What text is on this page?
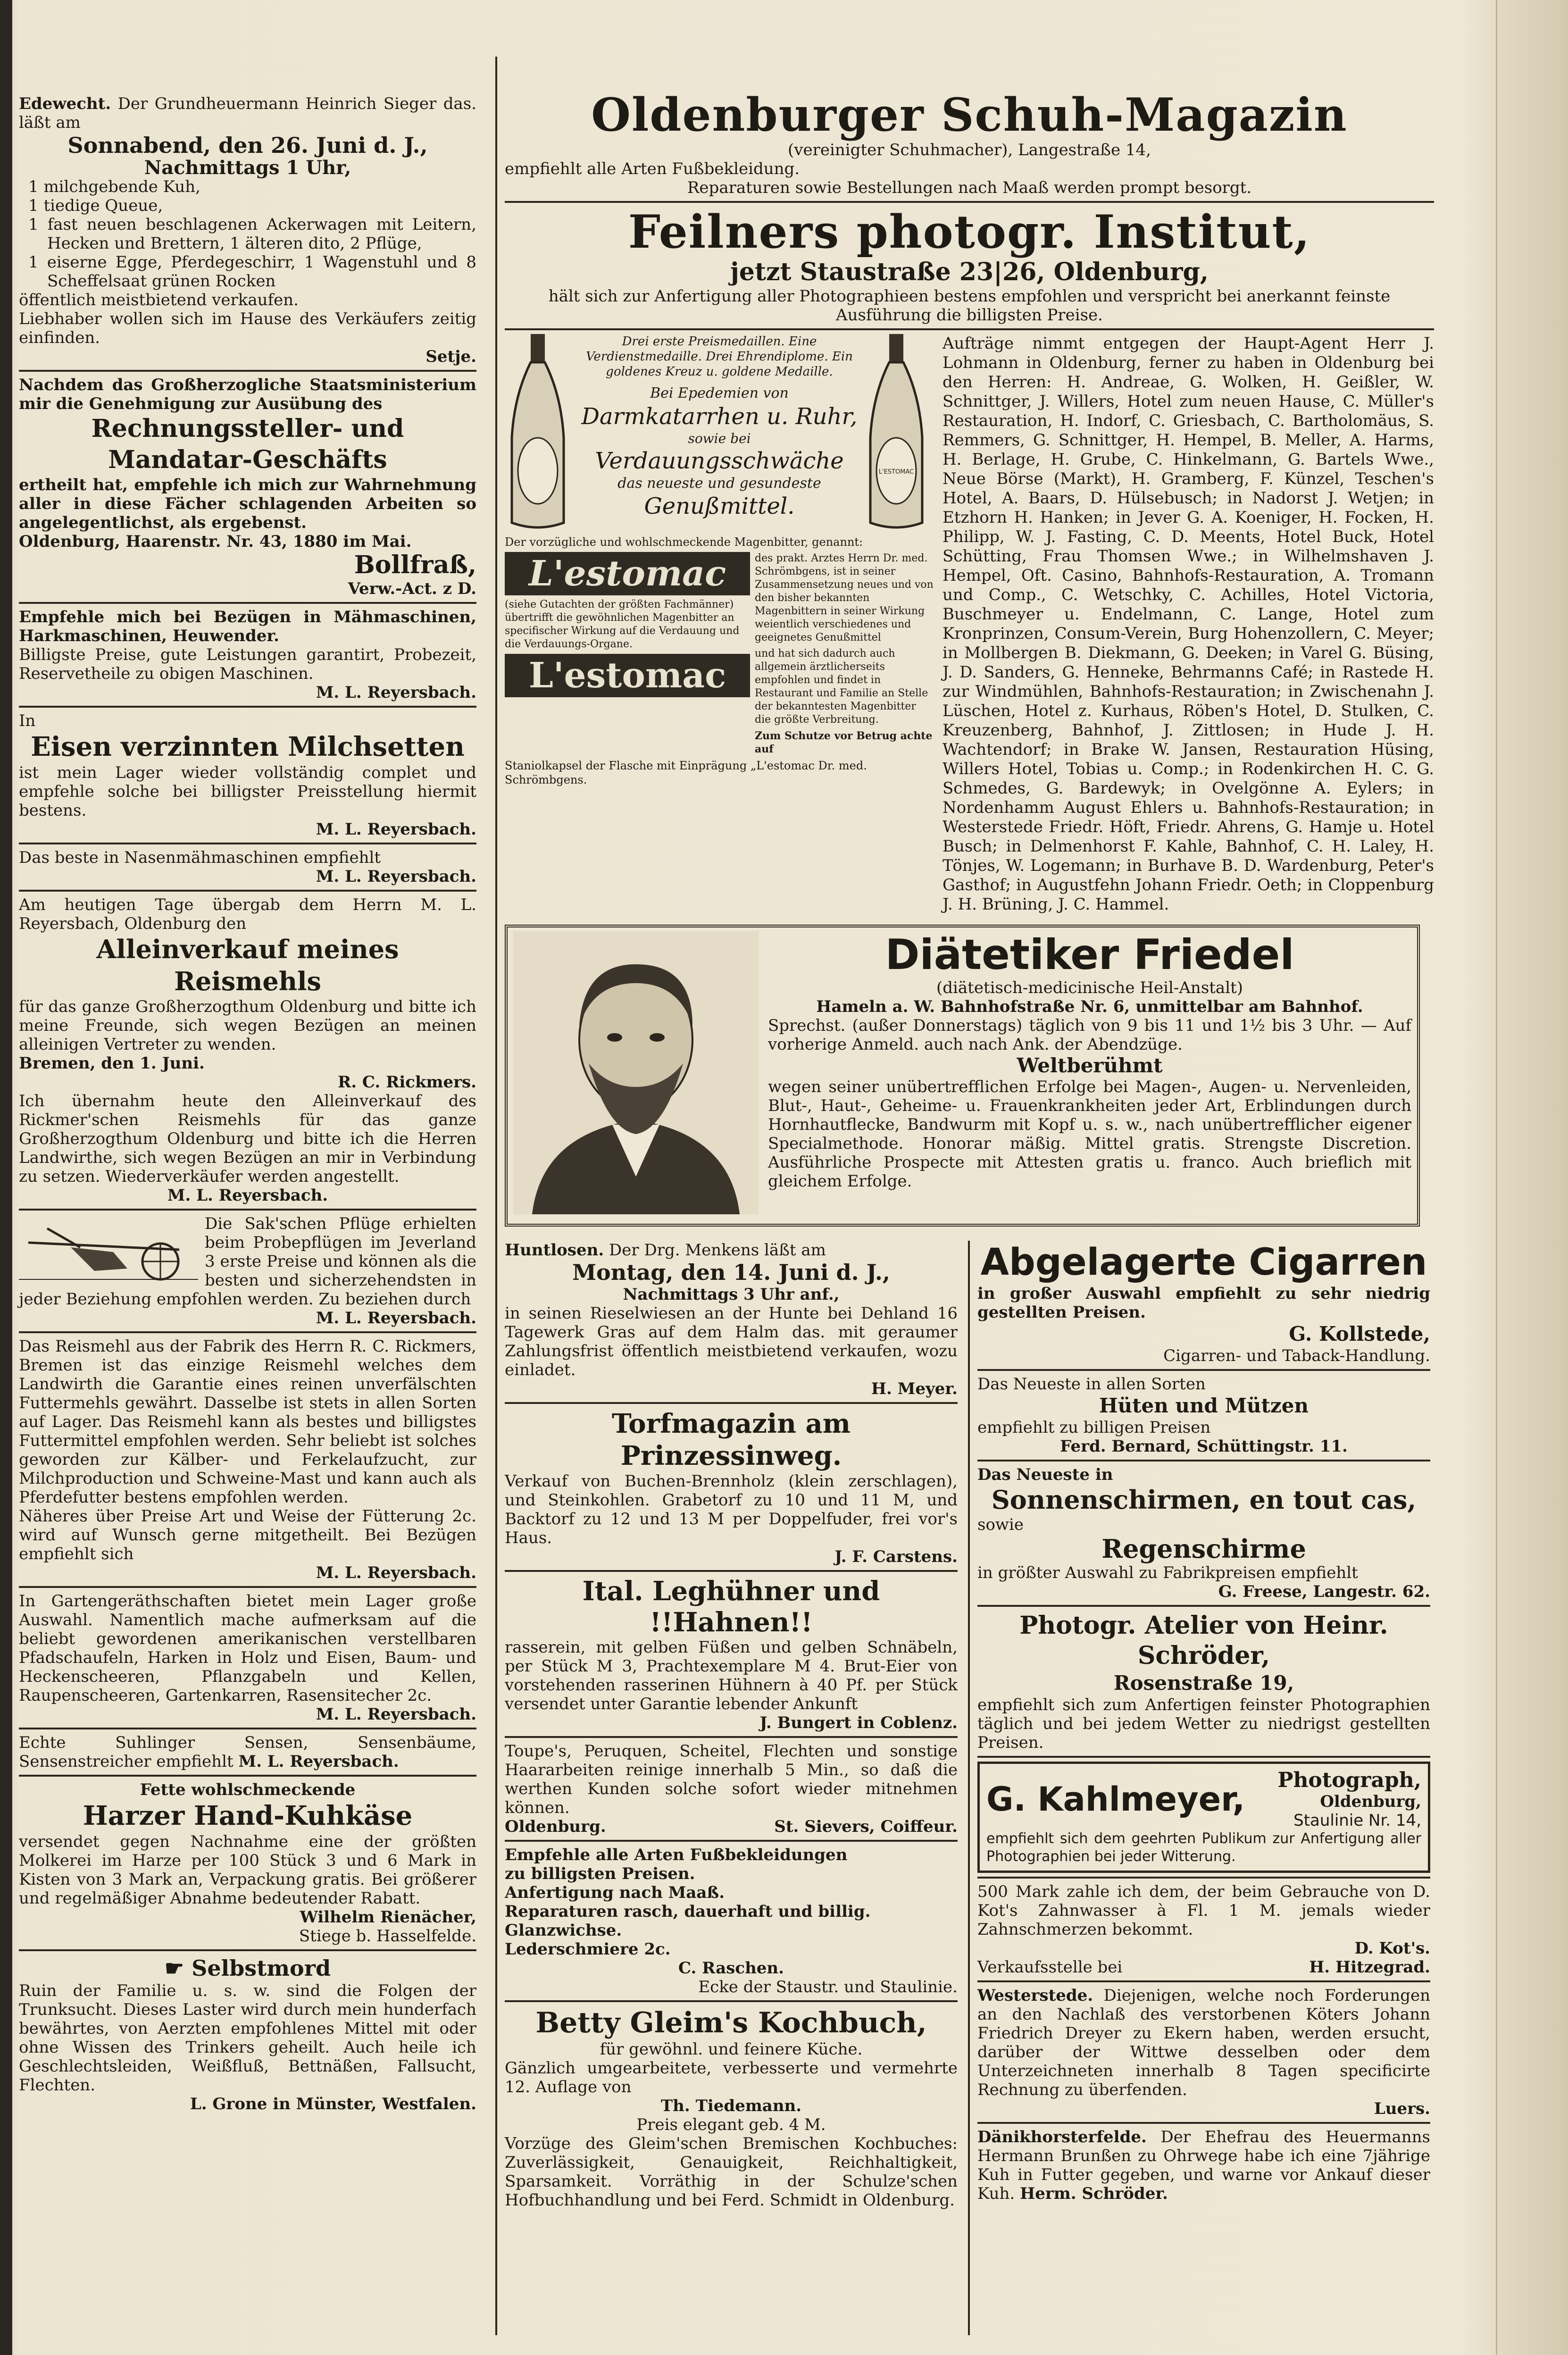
Edewecht. Der Grundheuermann Heinrich Sieger das. läßt am

Sonnabend, den 26. Juni d. J.,

Nachmittags 1 Uhr,

1 milchgebende Kuh,

1 tiedige Queue,

1 fast neuen beschlagenen Ackerwagen mit Leitern, Hecken und Brettern, 1 älteren dito, 2 Pflüge,

1 eiserne Egge, Pferdegeschirr, 1 Wagenstuhl und 8 Scheffelsaat grünen Rocken

öffentlich meistbietend verkaufen.

Liebhaber wollen sich im Hause des Verkäufers zeitig einfinden.

Setje.

Nachdem das Großherzogliche Staatsministerium mir die Genehmigung zur Ausübung des

Rechnungssteller- und Mandatar-Geschäfts

ertheilt hat, empfehle ich mich zur Wahrnehmung aller in diese Fächer schlagenden Arbeiten so angelegentlichst, als ergebenst.

Oldenburg, Haarenstr. Nr. 43, 1880 im Mai.

Bollfraß,

Verw.-Act. z D.

Empfehle mich bei Bezügen in Mähmaschinen, Harkmaschinen, Heuwender.

Billigste Preise, gute Leistungen garantirt, Probezeit, Reservetheile zu obigen Maschinen.

M. L. Reyersbach.

In

Eisen verzinnten Milchsetten

ist mein Lager wieder vollständig complet und empfehle solche bei billigster Preisstellung hiermit bestens.

M. L. Reyersbach.

Das beste in Nasenmähmaschinen empfiehlt

M. L. Reyersbach.

Am heutigen Tage übergab dem Herrn M. L. Reyersbach, Oldenburg den

Alleinverkauf meines Reismehls

für das ganze Großherzogthum Oldenburg und bitte ich meine Freunde, sich wegen Bezügen an meinen alleinigen Vertreter zu wenden.

Bremen, den 1. Juni.

R. C. Rickmers.

Ich übernahm heute den Alleinverkauf des Rickmer'schen Reismehls für das ganze Großherzogthum Oldenburg und bitte ich die Herren Landwirthe, sich wegen Bezügen an mir in Verbindung zu setzen. Wiederverkäufer werden angestellt.

M. L. Reyersbach.

Die Sak'schen Pflüge erhielten beim Probepflügen im Jeverland 3 erste Preise und können als die besten und sicherzehendsten in jeder Beziehung empfohlen werden. Zu beziehen durch

M. L. Reyersbach.

Das Reismehl aus der Fabrik des Herrn R. C. Rickmers, Bremen ist das einzige Reismehl welches dem Landwirth die Garantie eines reinen unverfälschten Futtermehls gewährt. Dasselbe ist stets in allen Sorten auf Lager. Das Reismehl kann als bestes und billigstes Futtermittel empfohlen werden. Sehr beliebt ist solches geworden zur Kälber- und Ferkelaufzucht, zur Milchproduction und Schweine-Mast und kann auch als Pferdefutter bestens empfohlen werden.

Näheres über Preise Art und Weise der Fütterung 2c. wird auf Wunsch gerne mitgetheilt. Bei Bezügen empfiehlt sich

M. L. Reyersbach.

In Gartengeräthschaften bietet mein Lager große Auswahl. Namentlich mache aufmerksam auf die beliebt gewordenen amerikanischen verstellbaren Pfadschaufeln, Harken in Holz und Eisen, Baum- und Heckenscheeren, Pflanzgabeln und Kellen, Raupenscheeren, Gartenkarren, Rasensitecher 2c.

M. L. Reyersbach.

Echte Suhlinger Sensen, Sensenbäume, Sensenstreicher empfiehlt M. L. Reyersbach.

Fette wohlschmeckende

Harzer Hand-Kuhkäse

versendet gegen Nachnahme eine der größten Molkerei im Harze per 100 Stück 3 und 6 Mark in Kisten von 3 Mark an, Verpackung gratis. Bei größerer und regelmäßiger Abnahme bedeutender Rabatt.

Wilhelm Rienächer,

Stiege b. Hasselfelde.

☛ Selbstmord

Ruin der Familie u. s. w. sind die Folgen der Trunksucht. Dieses Laster wird durch mein hunderfach bewährtes, von Aerzten empfohlenes Mittel mit oder ohne Wissen des Trinkers geheilt. Auch heile ich Geschlechtsleiden, Weißfluß, Bettnäßen, Fallsucht, Flechten.

L. Grone in Münster, Westfalen.

Oldenburger Schuh-Magazin

(vereinigter Schuhmacher), Langestraße 14,

empfiehlt alle Arten Fußbekleidung.

Reparaturen sowie Bestellungen nach Maaß werden prompt besorgt.

Feilners photogr. Institut,

jetzt Staustraße 23|26, Oldenburg,

hält sich zur Anfertigung aller Photographieen bestens empfohlen und verspricht bei anerkannt feinste Ausführung die billigsten Preise.

Drei erste Preismedaillen. Eine Verdienstmedaille. Drei Ehrendiplome. Ein goldenes Kreuz u. goldene Medaille.

Bei Epedemien von

Darmkatarrhen u. Ruhr,

sowie bei

Verdauungsschwäche

das neueste und gesundeste

Genußmittel.

L'ESTOMAC

Der vorzügliche und wohlschmeckende Magenbitter, genannt:

L'estomac

(siehe Gutachten der größten Fachmänner) übertrifft die gewöhnlichen Magenbitter an specifischer Wirkung auf die Verdauung und die Verdauungs-Organe.

L'estomac

des prakt. Arztes Herrn Dr. med. Schrömbgens, ist in seiner Zusammensetzung neues und von den bisher bekannten Magenbittern in seiner Wirkung weientlich verschiedenes und geeignetes Genußmittel

und hat sich dadurch auch allgemein ärztlicherseits empfohlen und findet in Restaurant und Familie an Stelle der bekanntesten Magenbitter die größte Verbreitung.

Zum Schutze vor Betrug achte auf

Staniolkapsel der Flasche mit Einprägung „L'estomac Dr. med. Schrömbgens.

Aufträge nimmt entgegen der Haupt-Agent Herr J. Lohmann in Oldenburg, ferner zu haben in Oldenburg bei den Herren: H. Andreae, G. Wolken, H. Geißler, W. Schnittger, J. Willers, Hotel zum neuen Hause, C. Müller's Restauration, H. Indorf, C. Griesbach, C. Bartholomäus, S. Remmers, G. Schnittger, H. Hempel, B. Meller, A. Harms, H. Berlage, H. Grube, C. Hinkelmann, G. Bartels Wwe., Neue Börse (Markt), H. Gramberg, F. Künzel, Teschen's Hotel, A. Baars, D. Hülsebusch; in Nadorst J. Wetjen; in Etzhorn H. Hanken; in Jever G. A. Koeniger, H. Focken, H. Philipp, W. J. Fasting, C. D. Meents, Hotel Buck, Hotel Schütting, Frau Thomsen Wwe.; in Wilhelmshaven J. Hempel, Oft. Casino, Bahnhofs-Restauration, A. Tromann und Comp., C. Wetschky, C. Achilles, Hotel Victoria, Buschmeyer u. Endelmann, C. Lange, Hotel zum Kronprinzen, Consum-Verein, Burg Hohenzollern, C. Meyer; in Mollbergen B. Diekmann, G. Deeken; in Varel G. Büsing, J. D. Sanders, G. Henneke, Behrmanns Café; in Rastede H. zur Windmühlen, Bahnhofs-Restauration; in Zwischenahn J. Lüschen, Hotel z. Kurhaus, Röben's Hotel, D. Stulken, C. Kreuzenberg, Bahnhof, J. Zittlosen; in Hude J. H. Wachtendorf; in Brake W. Jansen, Restauration Hüsing, Willers Hotel, Tobias u. Comp.; in Rodenkirchen H. C. G. Schmedes, G. Bardewyk; in Ovelgönne A. Eylers; in Nordenhamm August Ehlers u. Bahnhofs-Restauration; in Westerstede Friedr. Höft, Friedr. Ahrens, G. Hamje u. Hotel Busch; in Delmenhorst F. Kahle, Bahnhof, C. H. Laley, H. Tönjes, W. Logemann; in Burhave B. D. Wardenburg, Peter's Gasthof; in Augustfehn Johann Friedr. Oeth; in Cloppenburg J. H. Brüning, J. C. Hammel.

Diätetiker Friedel

(diätetisch-medicinische Heil-Anstalt)

Hameln a. W. Bahnhofstraße Nr. 6, unmittelbar am Bahnhof.

Sprechst. (außer Donnerstags) täglich von 9 bis 11 und 1½ bis 3 Uhr. — Auf vorherige Anmeld. auch nach Ank. der Abendzüge.

Weltberühmt

wegen seiner unübertrefflichen Erfolge bei Magen-, Augen- u. Nervenleiden, Blut-, Haut-, Geheime- u. Frauenkrankheiten jeder Art, Erblindungen durch Hornhautflecke, Bandwurm mit Kopf u. s. w., nach unübertrefflicher eigener Specialmethode. Honorar mäßig. Mittel gratis. Strengste Discretion. Ausführliche Prospecte mit Attesten gratis u. franco. Auch brieflich mit gleichem Erfolge.

Huntlosen. Der Drg. Menkens läßt am

Montag, den 14. Juni d. J.,

Nachmittags 3 Uhr anf.,

in seinen Rieselwiesen an der Hunte bei Dehland 16 Tagewerk Gras auf dem Halm das. mit geraumer Zahlungsfrist öffentlich meistbietend verkaufen, wozu einladet.

H. Meyer.

Torfmagazin am Prinzessinweg.

Verkauf von Buchen-Brennholz (klein zerschlagen), und Steinkohlen. Grabetorf zu 10 und 11 M, und Backtorf zu 12 und 13 M per Doppelfuder, frei vor's Haus.

J. F. Carstens.

Ital. Leghühner und

!!Hahnen!!

rasserein, mit gelben Füßen und gelben Schnäbeln, per Stück M 3, Prachtexemplare M 4. Brut-Eier von vorstehenden rasserinen Hühnern à 40 Pf. per Stück versendet unter Garantie lebender Ankunft

J. Bungert in Coblenz.

Toupe's, Peruquen, Scheitel, Flechten und sonstige Haararbeiten reinige innerhalb 5 Min., so daß die werthen Kunden solche sofort wieder mitnehmen können.

Oldenburg.	St. Sievers, Coiffeur.

Empfehle alle Arten Fußbekleidungen

zu billigsten Preisen.

Anfertigung nach Maaß.

Reparaturen rasch, dauerhaft und billig.

Glanzwichse.

Lederschmiere 2c.

C. Raschen.

Ecke der Staustr. und Staulinie.

Betty Gleim's Kochbuch,

für gewöhnl. und feinere Küche.

Gänzlich umgearbeitete, verbesserte und vermehrte 12. Auflage von

Th. Tiedemann.

Preis elegant geb. 4 M.

Vorzüge des Gleim'schen Bremischen Kochbuches: Zuverlässigkeit, Genauigkeit, Reichhaltigkeit, Sparsamkeit. Vorräthig in der Schulze'schen Hofbuchhandlung und bei Ferd. Schmidt in Oldenburg.

Abgelagerte Cigarren

in großer Auswahl empfiehlt zu sehr niedrig gestellten Preisen.

G. Kollstede,

Cigarren- und Taback-Handlung.

Das Neueste in allen Sorten

Hüten und Mützen

empfiehlt zu billigen Preisen

Ferd. Bernard, Schüttingstr. 11.

Das Neueste in

Sonnenschirmen, en tout cas,

sowie

Regenschirme

in größter Auswahl zu Fabrikpreisen empfiehlt

G. Freese, Langestr. 62.

Photogr. Atelier von Heinr. Schröder,

Rosenstraße 19,

empfiehlt sich zum Anfertigen feinster Photographien täglich und bei jedem Wetter zu niedrigst gestellten Preisen.

G. Kahlmeyer, Photograph,
Oldenburg,
Staulinie Nr. 14,

empfiehlt sich dem geehrten Publikum zur Anfertigung aller Photographien bei jeder Witterung.

500 Mark zahle ich dem, der beim Gebrauche von D. Kot's Zahnwasser à Fl. 1 M. jemals wieder Zahnschmerzen bekommt.

D. Kot's.

Verkaufsstelle bei	H. Hitzegrad.

Westerstede. Diejenigen, welche noch Forderungen an den Nachlaß des verstorbenen Köters Johann Friedrich Dreyer zu Ekern haben, werden ersucht, darüber der Wittwe desselben oder dem Unterzeichneten innerhalb 8 Tagen specificirte Rechnung zu überfenden.

Luers.

Dänikhorsterfelde. Der Ehefrau des Heuermanns Hermann Brunßen zu Ohrwege habe ich eine 7jährige Kuh in Futter gegeben, und warne vor Ankauf dieser Kuh. Herm. Schröder.
